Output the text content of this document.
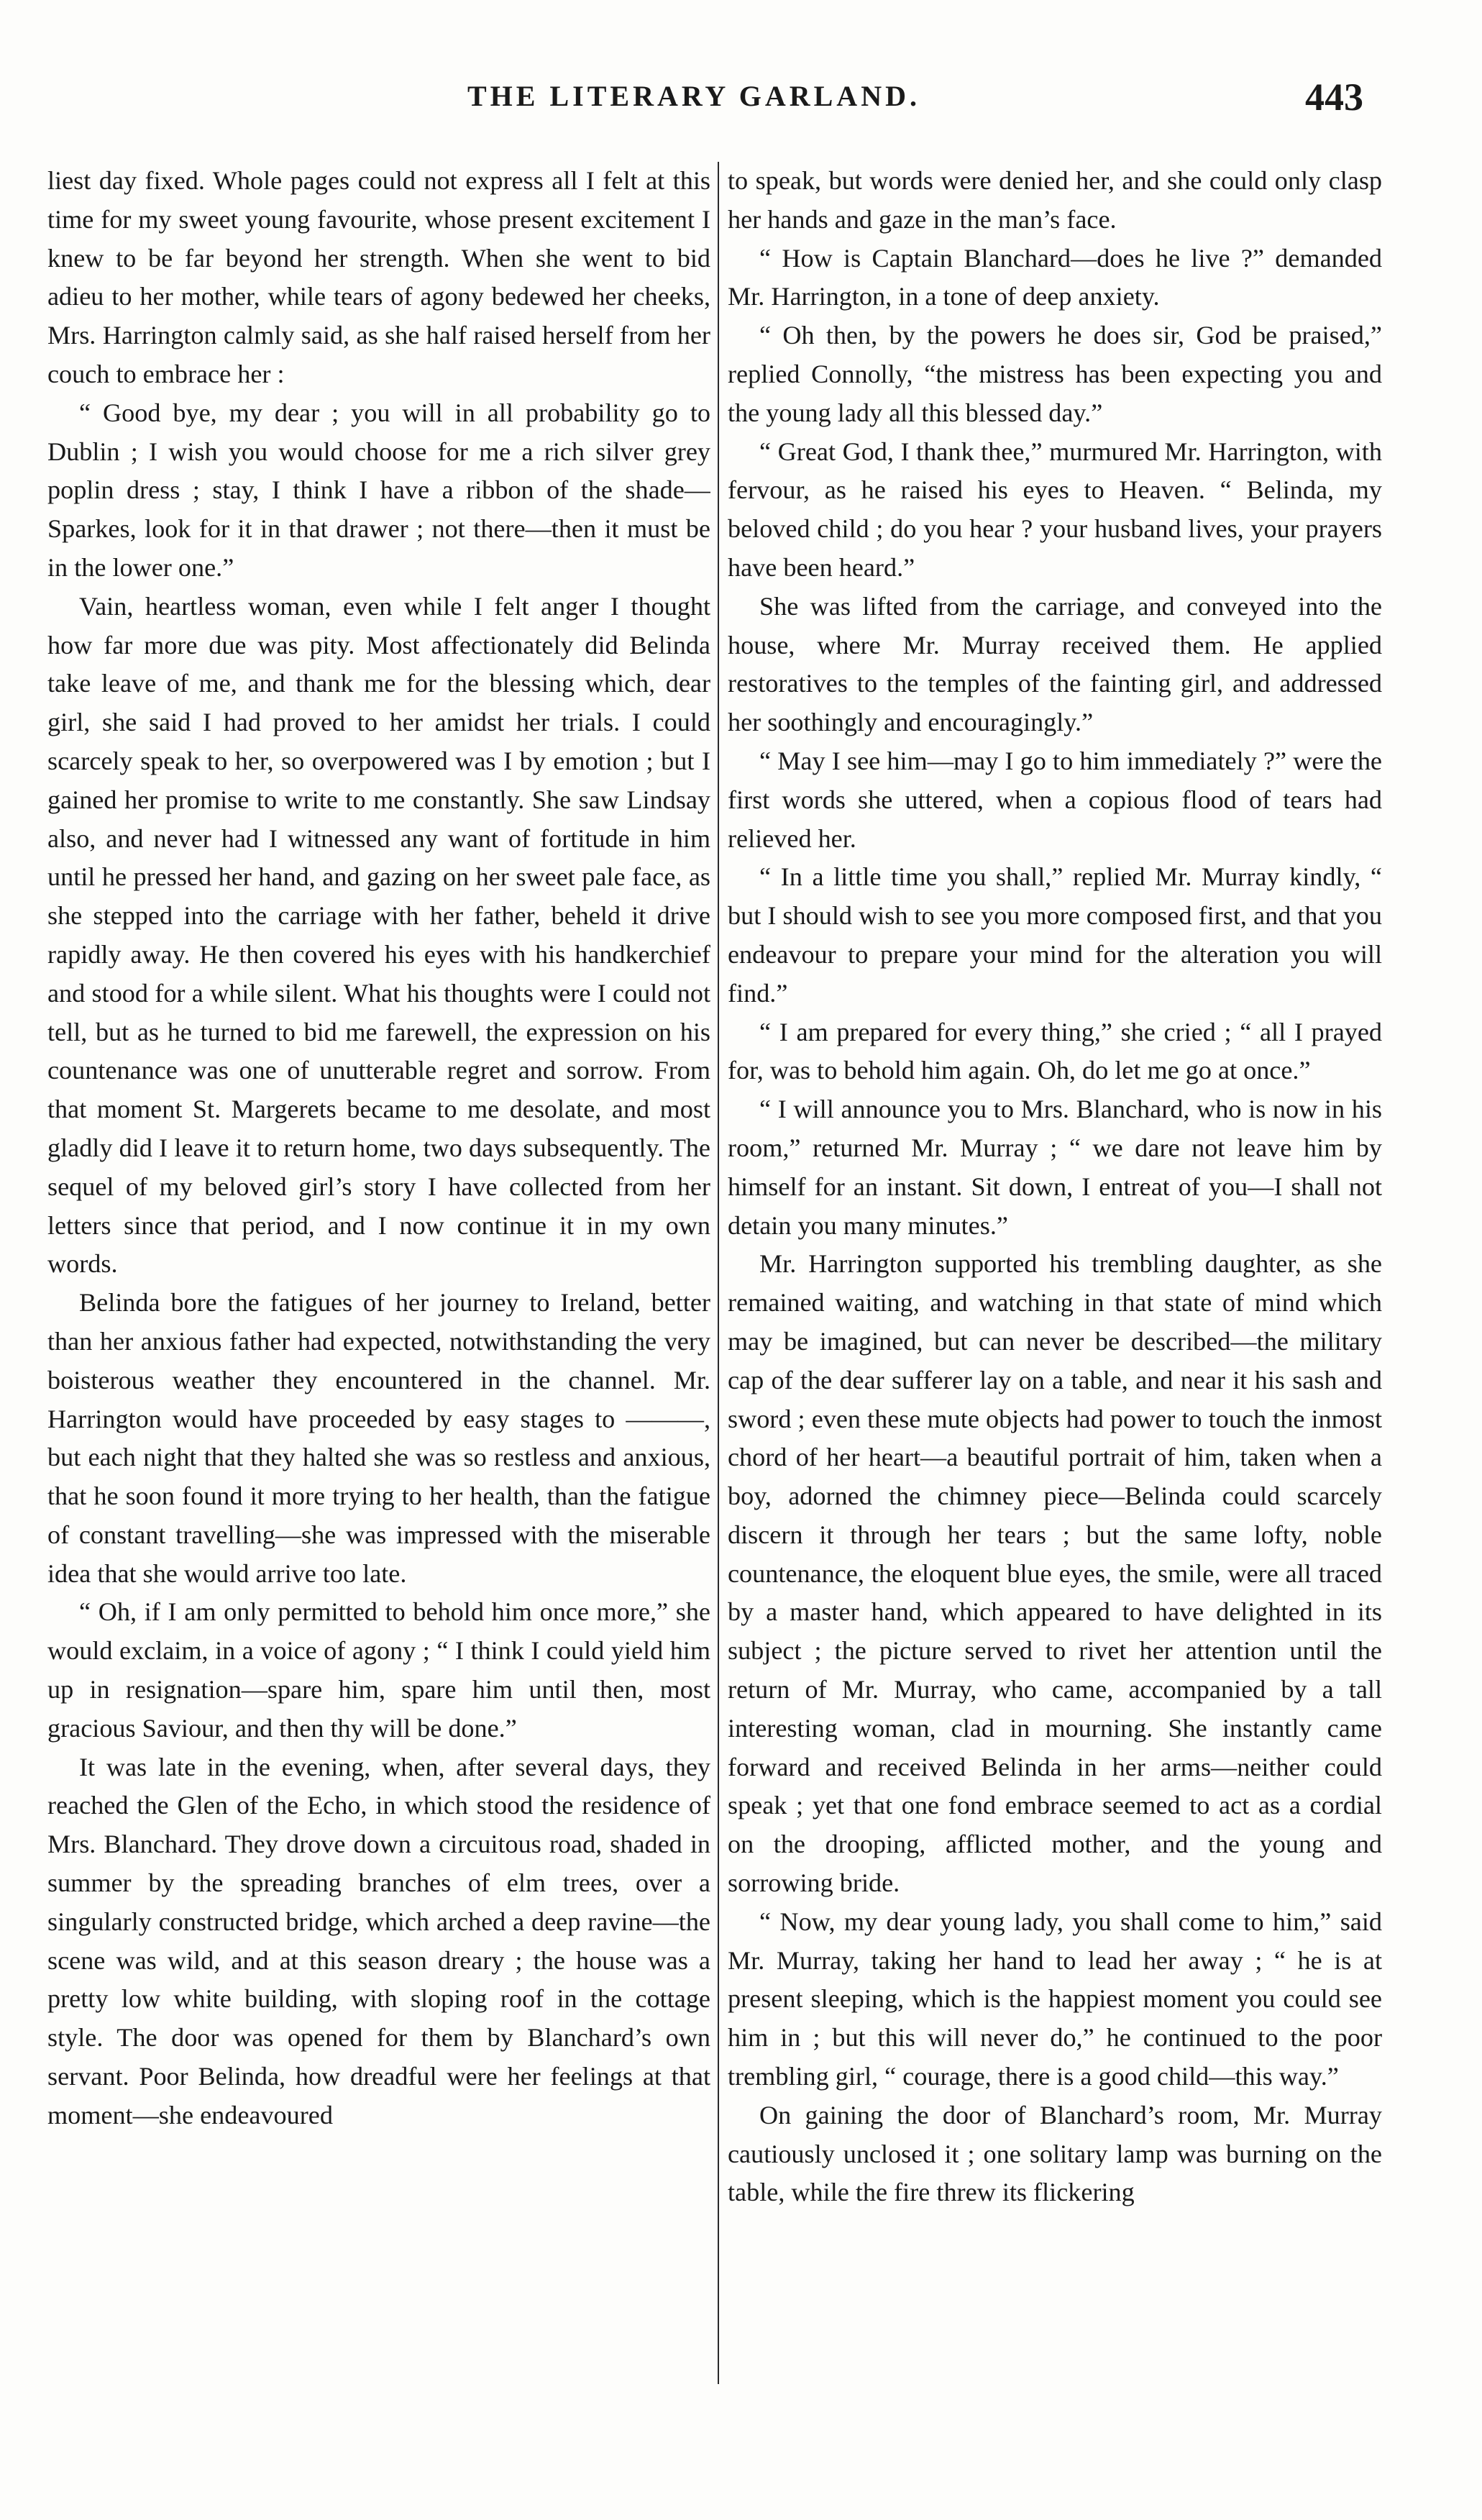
THE LITERARY GARLAND.	443

liest day fixed. Whole pages could not express all I felt at this time for my sweet young favourite, whose present excitement I knew to be far beyond her strength. When she went to bid adieu to her mother, while tears of agony bedewed her cheeks, Mrs. Harrington calmly said, as she half raised herself from her couch to embrace her :

“ Good bye, my dear ; you will in all probability go to Dublin ; I wish you would choose for me a rich silver grey poplin dress ; stay, I think I have a ribbon of the shade—Sparkes, look for it in that drawer ; not there—then it must be in the lower one.”

Vain, heartless woman, even while I felt anger I thought how far more due was pity. Most affectionately did Belinda take leave of me, and thank me for the blessing which, dear girl, she said I had proved to her amidst her trials. I could scarcely speak to her, so overpowered was I by emotion ; but I gained her promise to write to me constantly. She saw Lindsay also, and never had I witnessed any want of fortitude in him until he pressed her hand, and gazing on her sweet pale face, as she stepped into the carriage with her father, beheld it drive rapidly away. He then covered his eyes with his handkerchief and stood for a while silent. What his thoughts were I could not tell, but as he turned to bid me farewell, the expression on his countenance was one of unutterable regret and sorrow. From that moment St. Margerets became to me desolate, and most gladly did I leave it to return home, two days subsequently. The sequel of my beloved girl’s story I have collected from her letters since that period, and I now continue it in my own words.

Belinda bore the fatigues of her journey to Ireland, better than her anxious father had expected, notwithstanding the very boisterous weather they encountered in the channel. Mr. Harrington would have proceeded by easy stages to ———, but each night that they halted she was so restless and anxious, that he soon found it more trying to her health, than the fatigue of constant travelling—she was impressed with the miserable idea that she would arrive too late.

“ Oh, if I am only permitted to behold him once more,” she would exclaim, in a voice of agony ; “ I think I could yield him up in resignation—spare him, spare him until then, most gracious Saviour, and then thy will be done.”

It was late in the evening, when, after several days, they reached the Glen of the Echo, in which stood the residence of Mrs. Blanchard. They drove down a circuitous road, shaded in summer by the spreading branches of elm trees, over a singularly constructed bridge, which arched a deep ravine—the scene was wild, and at this season dreary ; the house was a pretty low white building, with sloping roof in the cottage style. The door was opened for them by Blanchard’s own servant. Poor Belinda, how dreadful were her feelings at that moment—she endeavoured

to speak, but words were denied her, and she could only clasp her hands and gaze in the man’s face.

“ How is Captain Blanchard—does he live ?” demanded Mr. Harrington, in a tone of deep anxiety.

“ Oh then, by the powers he does sir, God be praised,” replied Connolly, “the mistress has been expecting you and the young lady all this blessed day.”

“ Great God, I thank thee,” murmured Mr. Harrington, with fervour, as he raised his eyes to Heaven. “ Belinda, my beloved child ; do you hear ? your husband lives, your prayers have been heard.”

She was lifted from the carriage, and conveyed into the house, where Mr. Murray received them. He applied restoratives to the temples of the fainting girl, and addressed her soothingly and encouragingly.”

“ May I see him—may I go to him immediately ?” were the first words she uttered, when a copious flood of tears had relieved her.

“ In a little time you shall,” replied Mr. Murray kindly, “ but I should wish to see you more composed first, and that you endeavour to prepare your mind for the alteration you will find.”

“ I am prepared for every thing,” she cried ; “ all I prayed for, was to behold him again. Oh, do let me go at once.”

“ I will announce you to Mrs. Blanchard, who is now in his room,” returned Mr. Murray ; “ we dare not leave him by himself for an instant. Sit down, I entreat of you—I shall not detain you many minutes.”

Mr. Harrington supported his trembling daughter, as she remained waiting, and watching in that state of mind which may be imagined, but can never be described—the military cap of the dear sufferer lay on a table, and near it his sash and sword ; even these mute objects had power to touch the inmost chord of her heart—a beautiful portrait of him, taken when a boy, adorned the chimney piece—Belinda could scarcely discern it through her tears ; but the same lofty, noble countenance, the eloquent blue eyes, the smile, were all traced by a master hand, which appeared to have delighted in its subject ; the picture served to rivet her attention until the return of Mr. Murray, who came, accompanied by a tall interesting woman, clad in mourning. She instantly came forward and received Belinda in her arms—neither could speak ; yet that one fond embrace seemed to act as a cordial on the drooping, afflicted mother, and the young and sorrowing bride.

“ Now, my dear young lady, you shall come to him,” said Mr. Murray, taking her hand to lead her away ; “ he is at present sleeping, which is the happiest moment you could see him in ; but this will never do,” he continued to the poor trembling girl, “ courage, there is a good child—this way.”

On gaining the door of Blanchard’s room, Mr. Murray cautiously unclosed it ; one solitary lamp was burning on the table, while the fire threw its flickering
